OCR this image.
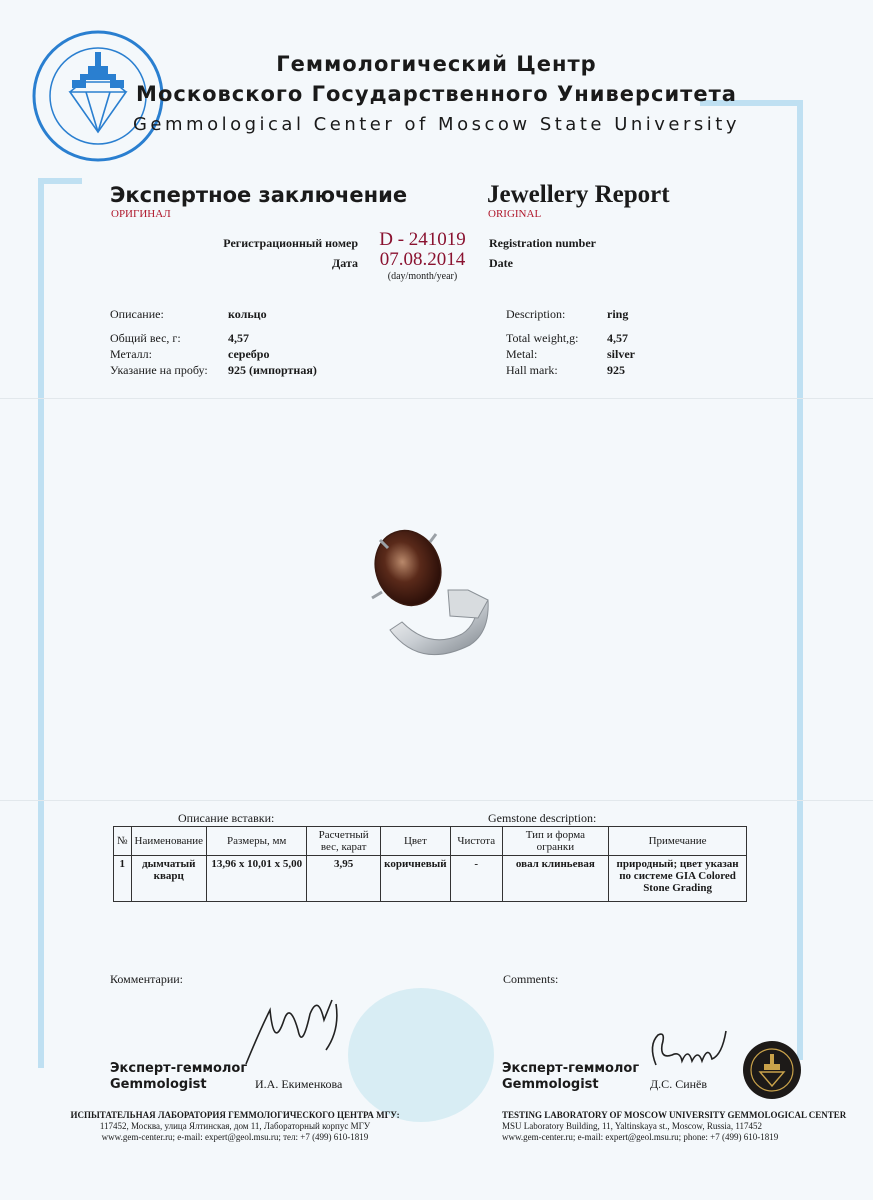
Геммологический Центр
Московского Государственного Университета
Gemmological Center of Moscow State University
Экспертное заключение
ОРИГИНАЛ
Jewellery Report
ORIGINAL
Регистрационный номер	D - 241019	Registration number
Дата	07.08.2014	Date
(day/month/year)
Описание:	кольцо
Общий вес, г:	4,57
Металл:	серебро
Указание на пробу: 925 (импортная)
Description:	ring
Total weight,g: 4,57
Metal:	silver
Hall mark:	925
Описание вставки:	Gemstone description:
№	Наименование	Размеры, мм	Расчетный вес, карат	Цвет	Чистота	Тип и форма огранки	Примечание
1	дымчатый кварц	13,96 х 10,01 х 5,00	3,95	коричневый	-	овал клиньевая	природный; цвет указан по системе GIA Colored Stone Grading
Комментарии:	Comments:
Эксперт-геммолог
Gemmologist	И.А. Екименкова
Эксперт-геммолог
Gemmologist	Д.С. Синёв
ИСПЫТАТЕЛЬНАЯ ЛАБОРАТОРИЯ ГЕММОЛОГИЧЕСКОГО ЦЕНТРА МГУ:
117452, Москва, улица Ялтинская, дом 11, Лабораторный корпус МГУ
www.gem-center.ru; e-mail: expert@geol.msu.ru; тел: +7 (499) 610-1819
TESTING LABORATORY OF MOSCOW UNIVERSITY GEMMOLOGICAL CENTER
MSU Laboratory Building, 11, Yaltinskaya st., Moscow, Russia, 117452
www.gem-center.ru; e-mail: expert@geol.msu.ru; phone: +7 (499) 610-1819
